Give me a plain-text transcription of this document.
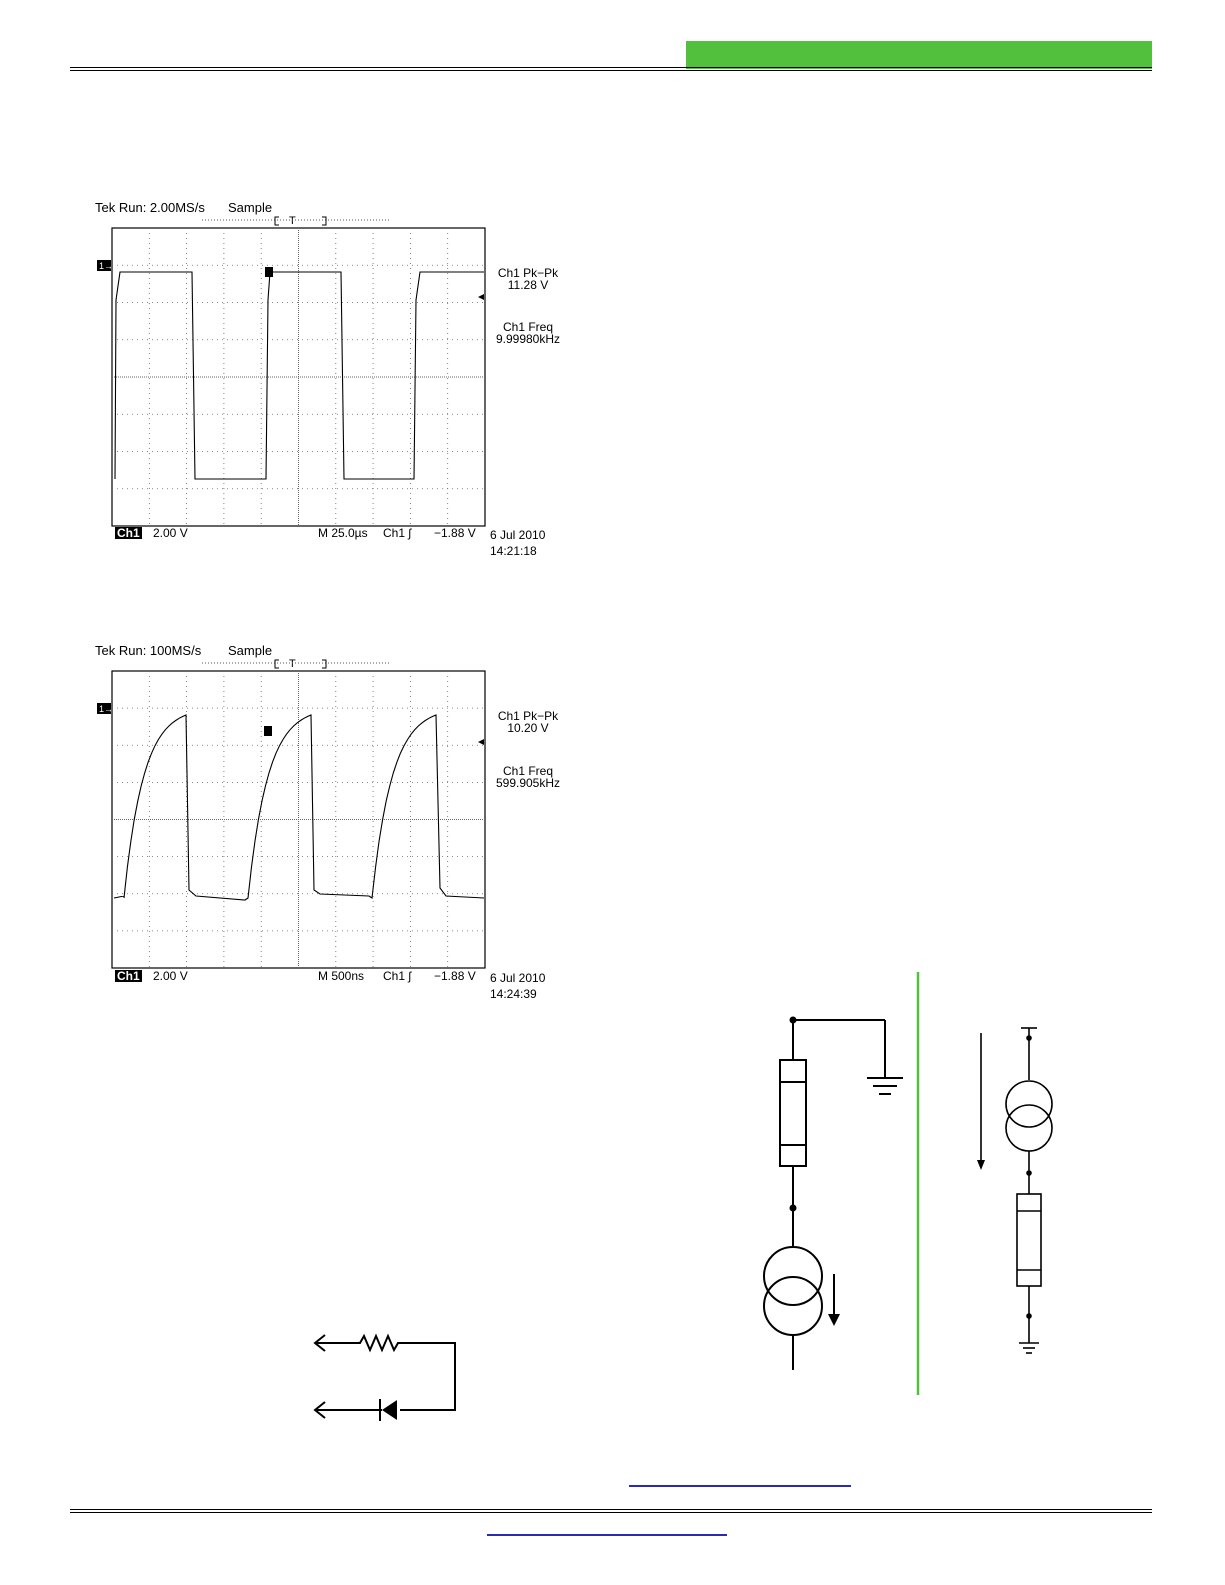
Tek Run: 2.00MS/s Sample
T
1→	Ch1 Pk−Pk
11.28 V
Ch1 Freq
9.99980kHz
Ch1 2.00 V	M 25.0µs Ch1 ʃ −1.88 V 6 Jul 2010
14:21:18
Tek Run: 100MS/s Sample
T
1→	Ch1 Pk−Pk
10.20 V
Ch1 Freq
599.905kHz
Ch1 2.00 V	M 500ns Ch1 ʃ −1.88 V 6 Jul 2010
14:24:39
